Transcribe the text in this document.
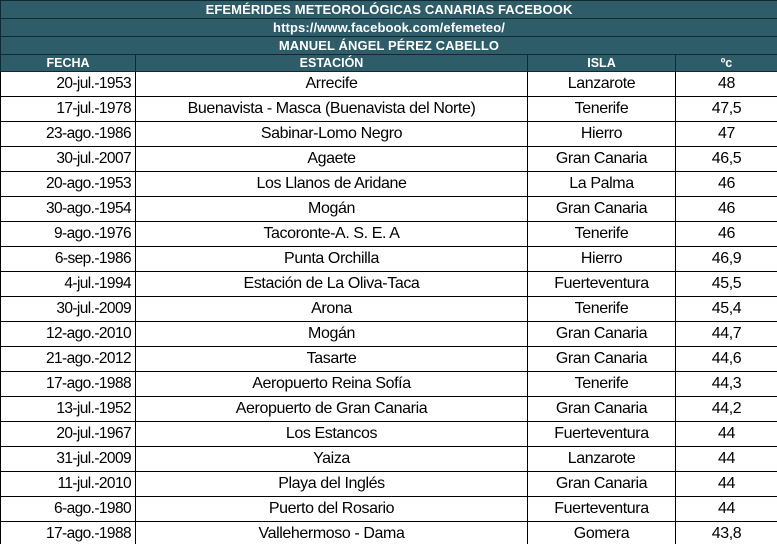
EFEMÉRIDES METEOROLÓGICAS CANARIAS FACEBOOK			
https://www.facebook.com/efemeteo/			
MANUEL ÁNGEL PÉREZ CABELLO			
FECHA	ESTACIÓN	ISLA	ºc
20-jul.-1953	Arrecife	Lanzarote	48
17-jul.-1978	Buenavista - Masca (Buenavista del Norte)	Tenerife	47,5
23-ago.-1986	Sabinar-Lomo Negro	Hierro	47
30-jul.-2007	Agaete	Gran Canaria	46,5
20-ago.-1953	Los Llanos de Aridane	La Palma	46
30-ago.-1954	Mogán	Gran Canaria	46
9-ago.-1976	Tacoronte-A. S. E. A	Tenerife	46
6-sep.-1986	Punta Orchilla	Hierro	46,9
4-jul.-1994	Estación de La Oliva-Taca	Fuerteventura	45,5
30-jul.-2009	Arona	Tenerife	45,4
12-ago.-2010	Mogán	Gran Canaria	44,7
21-ago.-2012	Tasarte	Gran Canaria	44,6
17-ago.-1988	Aeropuerto Reina Sofía	Tenerife	44,3
13-jul.-1952	Aeropuerto de Gran Canaria	Gran Canaria	44,2
20-jul.-1967	Los Estancos	Fuerteventura	44
31-jul.-2009	Yaiza	Lanzarote	44
11-jul.-2010	Playa del Inglés	Gran Canaria	44
6-ago.-1980	Puerto del Rosario	Fuerteventura	44
17-ago.-1988	Vallehermoso - Dama	Gomera	43,8
